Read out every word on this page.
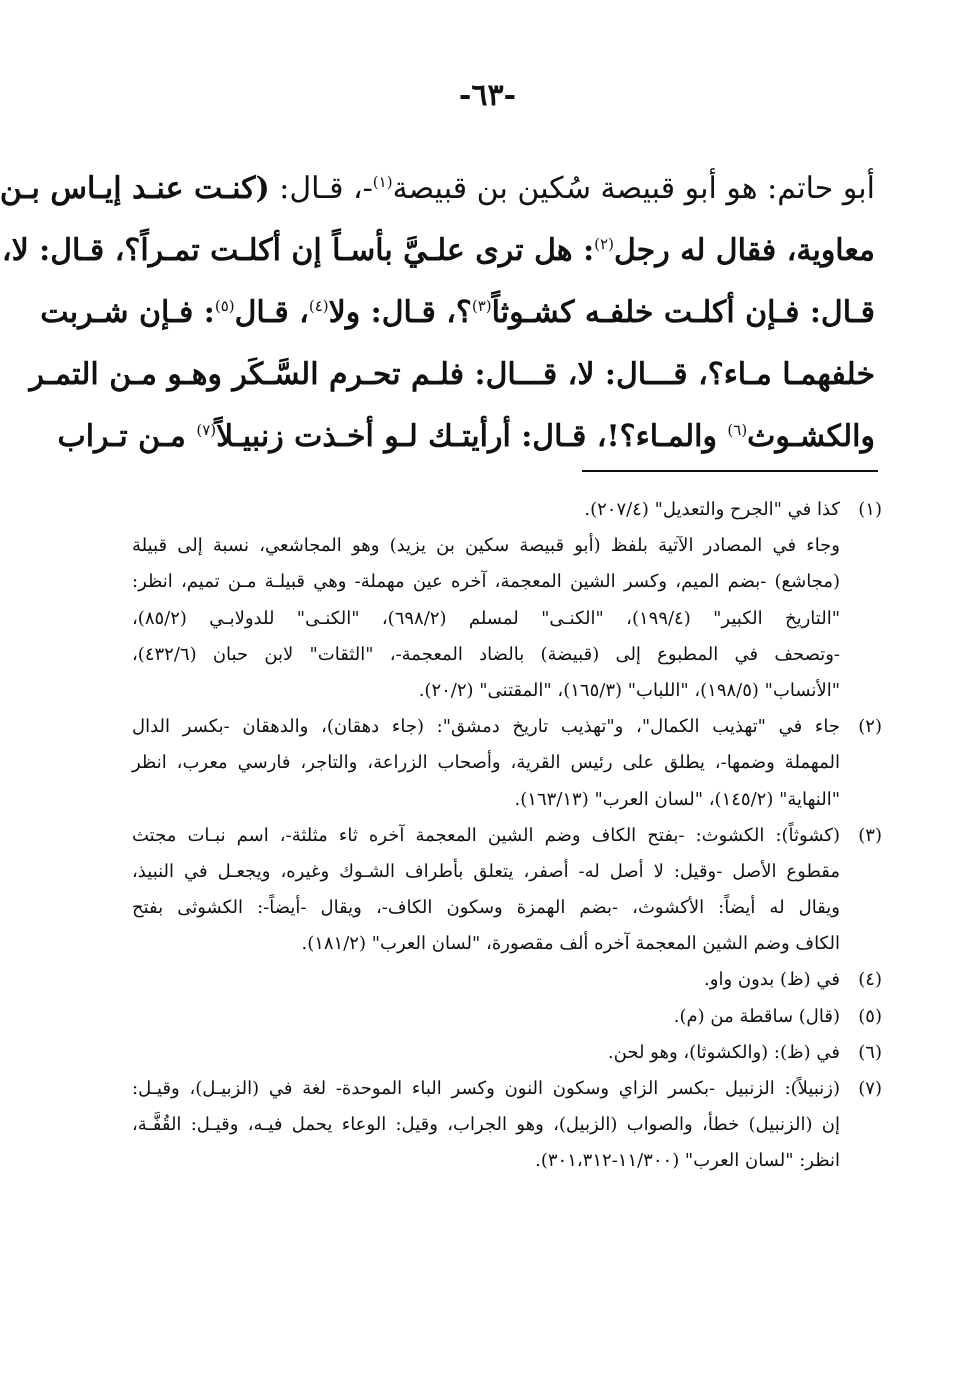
-٦٣-
أبو حاتم: هو أبو قبيصة سُكين بن قبيصة$^{(١)}$-، قـال: (كنـت عنـد إيـاس بـن
معاوية، فقال له رجل$^{(٢)}$: هل ترى علـيَّ بأسـاً إن أكلـت تمـراً؟، قـال: لا،
قـال: فـإن أكلـت خلفـه كشـوثاً$^{(٣)}$؟، قـال: ولا$^{(٤)}$، قـال$^{(٥)}$: فـإن شـربت
خلفهمـا مـاء؟، قـــال: لا، قـــال: فلـم تحـرم السَّـكَر وهـو مـن التمـر
والكشـوث$^{(٦)}$ والمـاء؟!، قـال: أرأيتـك لـو أخـذت زنبيـلاً$^{(٧)}$ مـن تـراب
(١)
كذا في "الجرح والتعديل" (٢٠٧/٤).
وجاء في المصادر الآتية بلفظ (أبو قبيصة سكين بن يزيد) وهو المجاشعي، نسبة إلى قبيلة
(مجاشع) -بضم الميم، وكسر الشين المعجمة، آخره عين مهملة- وهي قبيلـة مـن تميم، انظر:
"التاريخ الكبير" (١٩٩/٤)، "الكنـى" لمسلم (٦٩٨/٢)، "الكنـى" للدولابـي (٨٥/٢)،
-وتصحف في المطبوع إلى (قبيضة) بالضاد المعجمة-، "الثقات" لابن حبان (٤٣٢/٦)،
"الأنساب" (١٩٨/٥)، "اللباب" (١٦٥/٣)، "المقتنى" (٢٠/٢).
(٢)
جاء في "تهذيب الكمال"، و"تهذيب تاريخ دمشق": (جاء دهقان)، والدهقان -بكسر الدال
المهملة وضمها-، يطلق على رئيس القرية، وأصحاب الزراعة، والتاجر، فارسي معرب، انظر
"النهاية" (١٤٥/٢)، "لسان العرب" (١٦٣/١٣).
(٣)
(كشوثاً): الكشوث: -بفتح الكاف وضم الشين المعجمة آخره ثاء مثلثة-، اسم نبـات مجتث
مقطوع الأصل -وقيل: لا أصل له- أصفر، يتعلق بأطراف الشـوك وغيره، ويجعـل في النبيذ،
ويقال له أيضاً: الأكشوث، -بضم الهمزة وسكون الكاف-، ويقال -أيضاً-: الكشوثى بفتح
الكاف وضم الشين المعجمة آخره ألف مقصورة، "لسان العرب" (١٨١/٢).
(٤)
في (ظ) بدون واو.
(٥)
(قال) ساقطة من (م).
(٦)
في (ظ): (والكشوثا)، وهو لحن.
(٧)
(زنبيلاً): الزنبيل -بكسر الزاي وسكون النون وكسر الباء الموحدة- لغة في (الزبيـل)، وقيـل:
إن (الزنبيل) خطأ، والصواب (الزبيل)، وهو الجراب، وقيل: الوعاء يحمل فيـه، وقيـل: القُفَّـة،
انظر: "لسان العرب" (١١/٣٠٠-٣٠١،٣١٢).
